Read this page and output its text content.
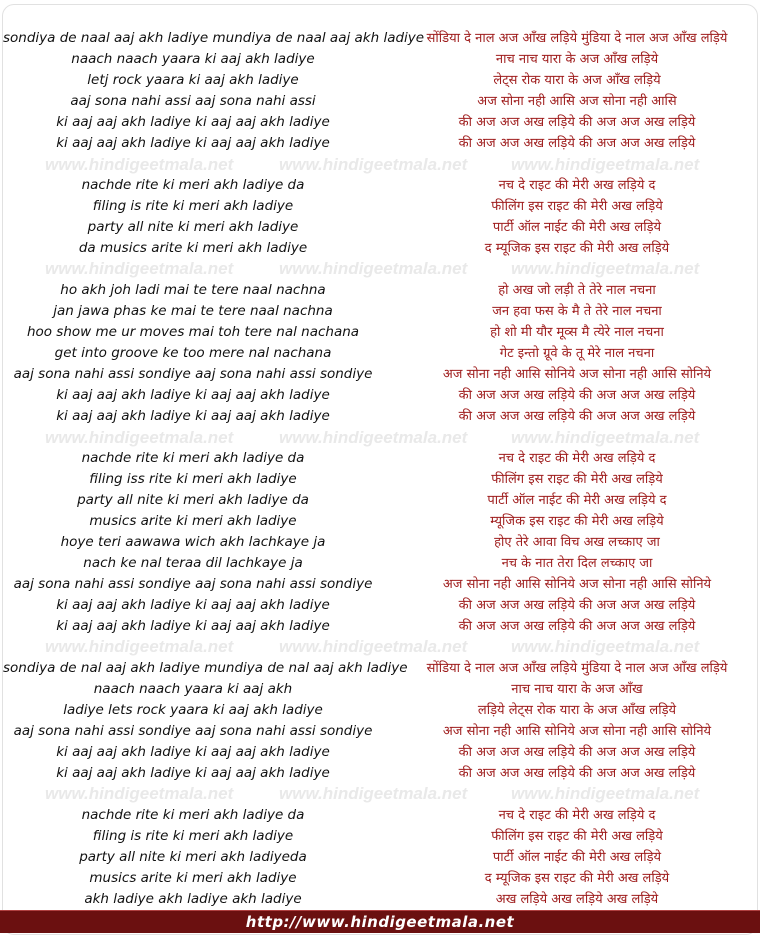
www.hindigeetmala.net	www.hindigeetmala.net	www.hindigeetmala.net
www.hindigeetmala.net	www.hindigeetmala.net	www.hindigeetmala.net
www.hindigeetmala.net	www.hindigeetmala.net	www.hindigeetmala.net
www.hindigeetmala.net	www.hindigeetmala.net	www.hindigeetmala.net
www.hindigeetmala.net	www.hindigeetmala.net	www.hindigeetmala.net
sondiya de naal aaj akh ladiye mundiya de naal aaj akh ladiye सोंडिया दे नाल अज आँख लड़िये मुंडिया दे नाल अज आँख लड़िये
naach naach yaara ki aaj akh ladiye	नाच नाच यारा के अज आँख लड़िये
letj rock yaara ki aaj akh ladiye	लेट्स रोक यारा के अज आँख लड़िये
aaj sona nahi assi aaj sona nahi assi	अज सोना नही आसि अज सोना नही आसि
ki aaj aaj akh ladiye ki aaj aaj akh ladiye	की अज अज अख लड़िये की अज अज अख लड़िये
ki aaj aaj akh ladiye ki aaj aaj akh ladiye	की अज अज अख लड़िये की अज अज अख लड़िये
nachde rite ki meri akh ladiye da	नच दे राइट की मेरी अख लड़िये द
filing is rite ki meri akh ladiye	फीलिंग इस राइट की मेरी अख लड़िये
party all nite ki meri akh ladiye	पार्टी ऑल नाईट की मेरी अख लड़िये
da musics arite ki meri akh ladiye	द म्यूजिक इस राइट की मेरी अख लड़िये
ho akh joh ladi mai te tere naal nachna	हो अख जो लड़ी ते तेरे नाल नचना
jan jawa phas ke mai te tere naal nachna	जन हवा फस के मै ते तेरे नाल नचना
hoo show me ur moves mai toh tere nal nachana	हो शो मी यौर मूव्स मै त्येरे नाल नचना
get into groove ke too mere nal nachana	गेट इन्तो ग्रूवे के तू मेरे नाल नचना
aaj sona nahi assi sondiye aaj sona nahi assi sondiye	अज सोना नही आसि सोनिये अज सोना नही आसि सोनिये
ki aaj aaj akh ladiye ki aaj aaj akh ladiye	की अज अज अख लड़िये की अज अज अख लड़िये
ki aaj aaj akh ladiye ki aaj aaj akh ladiye	की अज अज अख लड़िये की अज अज अख लड़िये
nachde rite ki meri akh ladiye da	नच दे राइट की मेरी अख लड़िये द
filing iss rite ki meri akh ladiye	फीलिंग इस राइट की मेरी अख लड़िये
party all nite ki meri akh ladiye da	पार्टी ऑल नाईट की मेरी अख लड़िये द
musics arite ki meri akh ladiye	म्यूजिक इस राइट की मेरी अख लड़िये
hoye teri aawawa wich akh lachkaye ja	होए तेरे आवा विच अख लच्काए जा
nach ke nal teraa dil lachkaye ja	नच के नात तेरा दिल लच्काए जा
aaj sona nahi assi sondiye aaj sona nahi assi sondiye	अज सोना नही आसि सोनिये अज सोना नही आसि सोनिये
ki aaj aaj akh ladiye ki aaj aaj akh ladiye	की अज अज अख लड़िये की अज अज अख लड़िये
ki aaj aaj akh ladiye ki aaj aaj akh ladiye	की अज अज अख लड़िये की अज अज अख लड़िये
sondiya de nal aaj akh ladiye mundiya de nal aaj akh ladiye	सोंडिया दे नाल अज आँख लड़िये मुंडिया दे नाल अज आँख लड़िये
naach naach yaara ki aaj akh	नाच नाच यारा के अज आँख
ladiye lets rock yaara ki aaj akh ladiye	लड़िये लेट्स रोक यारा के अज आँख लड़िये
aaj sona nahi assi sondiye aaj sona nahi assi sondiye	अज सोना नही आसि सोनिये अज सोना नही आसि सोनिये
ki aaj aaj akh ladiye ki aaj aaj akh ladiye	की अज अज अख लड़िये की अज अज अख लड़िये
ki aaj aaj akh ladiye ki aaj aaj akh ladiye	की अज अज अख लड़िये की अज अज अख लड़िये
nachde rite ki meri akh ladiye da	नच दे राइट की मेरी अख लड़िये द
filing is rite ki meri akh ladiye	फीलिंग इस राइट की मेरी अख लड़िये
party all nite ki meri akh ladiyeda	पार्टी ऑल नाईट की मेरी अख लड़िये
musics arite ki meri akh ladiye	द म्यूजिक इस राइट की मेरी अख लड़िये
akh ladiye akh ladiye akh ladiye	अख लड़िये अख लड़िये अख लड़िये
http://www.hindigeetmala.net
